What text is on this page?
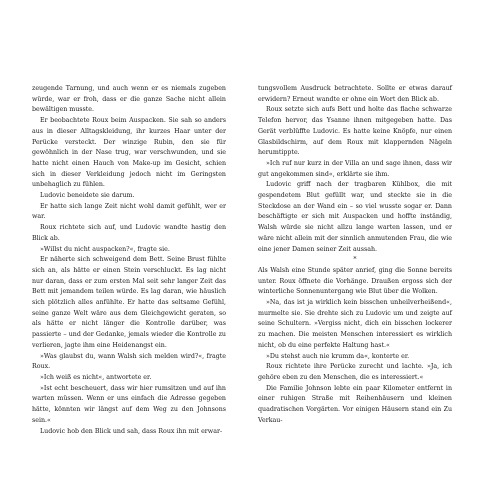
zeugende Tarnung, und auch wenn er es niemals zugeben würde, war er froh, dass er die ganze Sache nicht allein bewältigen musste.

Er beobachtete Roux beim Auspacken. Sie sah so anders aus in dieser Alltagskleidung, ihr kurzes Haar unter der Perücke versteckt. Der winzige Rubin, den sie für gewöhnlich in der Nase trug, war verschwunden, und sie hatte nicht einen Hauch von Make-up im Gesicht, schien sich in dieser Verkleidung jedoch nicht im Geringsten unbehaglich zu fühlen.

Ludovic beneidete sie darum.

Er hatte sich lange Zeit nicht wohl damit gefühlt, wer er war.

Roux richtete sich auf, und Ludovic wandte hastig den Blick ab.

»Willst du nicht auspacken?«, fragte sie.

Er näherte sich schweigend dem Bett. Seine Brust fühlte sich an, als hätte er einen Stein verschluckt. Es lag nicht nur daran, dass er zum ersten Mal seit sehr langer Zeit das Bett mit jemandem teilen würde. Es lag daran, wie häuslich sich plötzlich alles anfühlte. Er hatte das seltsame Gefühl, seine ganze Welt wäre aus dem Gleichgewicht geraten, so als hätte er nicht länger die Kontrolle darüber, was passierte – und der Gedanke, jemals wieder die Kontrolle zu verlieren, jagte ihm eine Heidenangst ein.

»Was glaubst du, wann Walsh sich melden wird?«, fragte Roux.

»Ich weiß es nicht«, antwortete er.

»Ist echt bescheuert, dass wir hier rumsitzen und auf ihn warten müssen. Wenn er uns einfach die Adresse gegeben hätte, könnten wir längst auf dem Weg zu den Johnsons sein.«

Ludovic hob den Blick und sah, dass Roux ihn mit erwar-

tungsvollem Ausdruck betrachtete. Sollte er etwas darauf erwidern? Erneut wandte er ohne ein Wort den Blick ab.

Roux setzte sich aufs Bett und holte das flache schwarze Telefon hervor, das Ysanne ihnen mitgegeben hatte. Das Gerät verblüffte Ludovic. Es hatte keine Knöpfe, nur einen Glasbildschirm, auf dem Roux mit klappernden Nägeln herumtippte.

»Ich ruf nur kurz in der Villa an und sage ihnen, dass wir gut angekommen sind«, erklärte sie ihm.

Ludovic griff nach der tragbaren Kühlbox, die mit gespendetem Blut gefüllt war, und steckte sie in die Steckdose an der Wand ein – so viel wusste sogar er. Dann beschäftigte er sich mit Auspacken und hoffte inständig, Walsh würde sie nicht allzu lange warten lassen, und er wäre nicht allein mit der sinnlich anmutenden Frau, die wie eine jener Damen seiner Zeit aussah.

*

Als Walsh eine Stunde später anrief, ging die Sonne bereits unter. Roux öffnete die Vorhänge. Draußen ergoss sich der winterliche Sonnenuntergang wie Blut über die Wolken.

»Na, das ist ja wirklich kein bisschen unheilverheißend«, murmelte sie. Sie drehte sich zu Ludovic um und zeigte auf seine Schultern. »Vergiss nicht, dich ein bisschen lockerer zu machen. Die meisten Menschen interessiert es wirklich nicht, ob du eine perfekte Haltung hast.«

»Du stehst auch nie krumm da«, konterte er.

Roux richtete ihre Perücke zurecht und lachte. »Ja, ich gehöre eben zu den Menschen, die es interessiert.«

Die Familie Johnson lebte ein paar Kilometer entfernt in einer ruhigen Straße mit Reihenhäusern und kleinen quadratischen Vorgärten. Vor einigen Häusern stand ein Zu Verkau-
